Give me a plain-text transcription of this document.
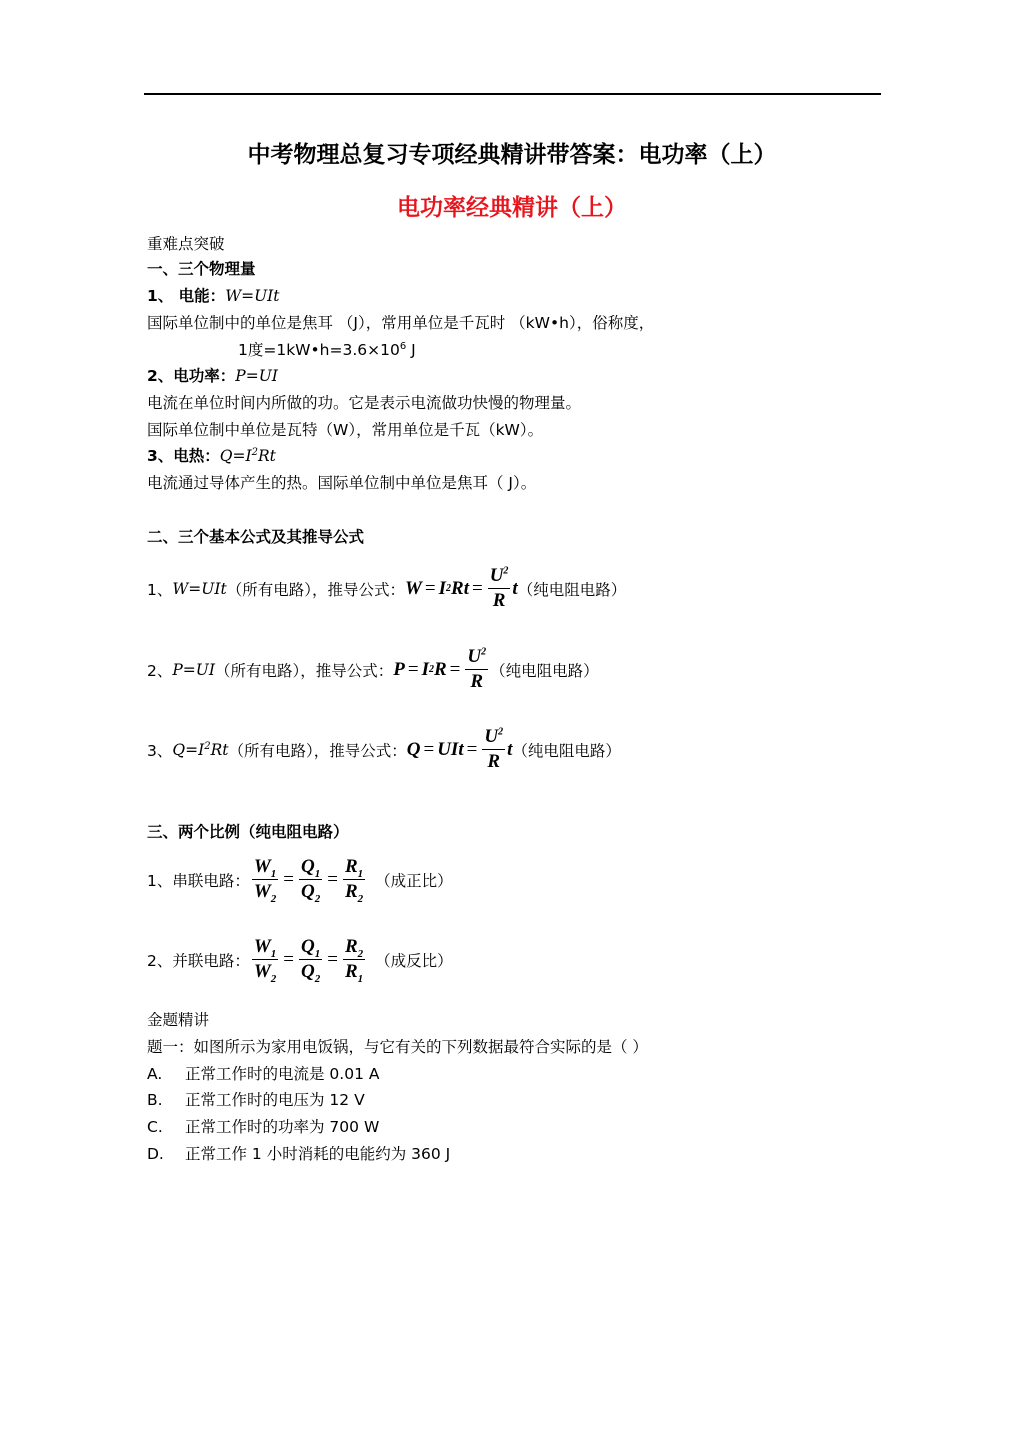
中考物理总复习专项经典精讲带答案：电功率（上）
电功率经典精讲（上）
重难点突破
一、三个物理量
1、 电能：W=UIt
国际单位制中的单位是焦耳 （J），常用单位是千瓦时 （kW•h），俗称度，
1度$=1kW•h=3.6\times 10^6$ J
2、电功率：P=UI
电流在单位时间内所做的功。它是表示电流做功快慢的物理量。
国际单位制中单位是瓦特（W），常用单位是千瓦（kW）。
3、电热：$Q=I^2Rt$
电流通过导体产生的热。国际单位制中单位是焦耳（ J）。
二、三个基本公式及其推导公式
1、 W=UIt （所有电路），推导公式： W = I 2 $Rt = \frac{U^2}{R}$ t （纯电阻电路）
2、 P=UI （所有电路），推导公式： P = I 2 $R = \frac{U^2}{R}$ （纯电阻电路）
3、 $Q=I^2Rt$ （所有电路），推导公式： Q = UIt = $\frac{U^2}{R}$ t （纯电阻电路）
三、两个比例（纯电阻电路）
1、串联电路： $\frac{W_1}{W_2} = \frac{Q_1}{Q_2} = \frac{R_1}{R_2}$ （成正比）
2、并联电路： $\frac{W_1}{W_2} = \frac{Q_1}{Q_2} = \frac{R_2}{R_1}$ （成反比）
金题精讲
题一：如图所示为家用电饭锅，与它有关的下列数据最符合实际的是（ ）
A. 正常工作时的电流是 0.01 A
B. 正常工作时的电压为 12 V
C. 正常工作时的功率为 700 W
D. 正常工作 1 小时消耗的电能约为 360 J
